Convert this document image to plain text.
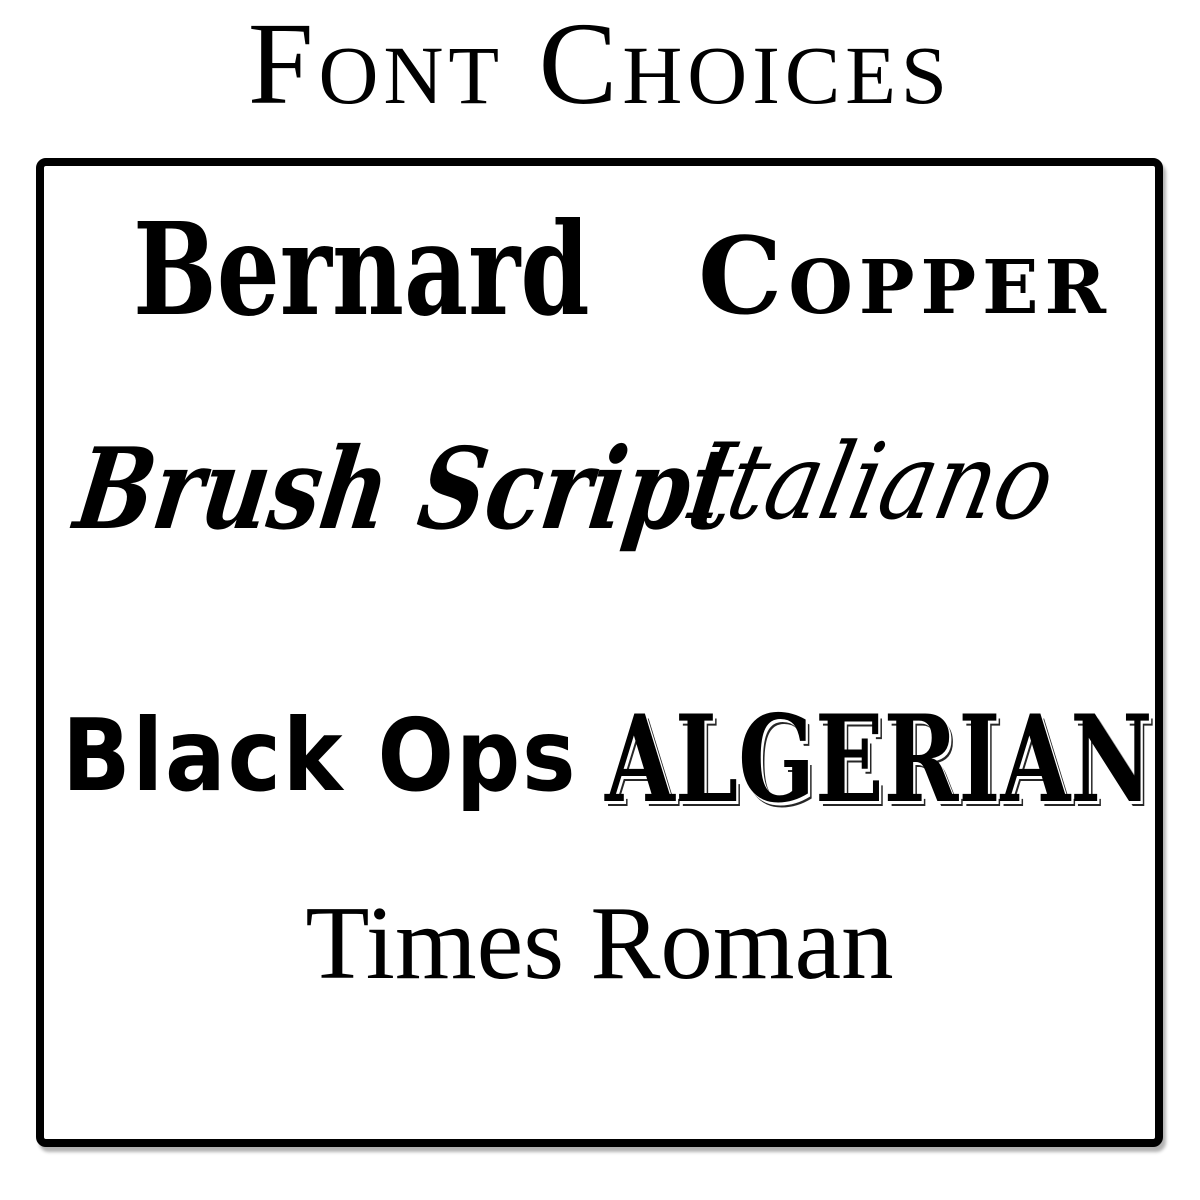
Font Choices
Bernard Copper
Brush Script
Italiano
Black Ops ALGERIAN
Times Roman
